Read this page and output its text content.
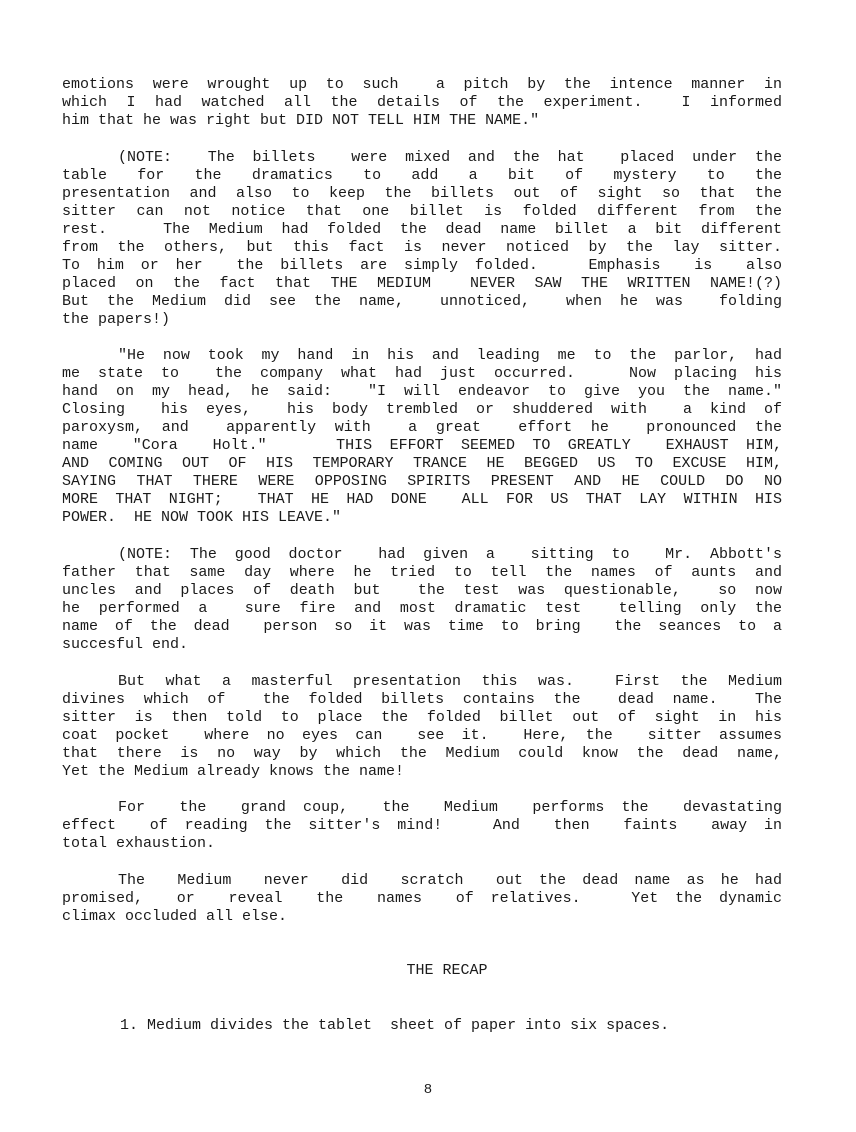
emotions were wrought up to such  a pitch by the intence manner in
which I had watched all the details of the experiment.  I informed
him that he was right but DID NOT TELL HIM THE NAME."
(NOTE:  The billets  were mixed and the hat  placed under the
table  for  the  dramatics  to  add  a  bit  of  mystery  to  the
presentation and also to keep the billets out of sight so that the
sitter can not notice that one billet is folded different from the
rest.   The Medium had folded the dead name billet a bit different
from the others, but this fact is never noticed by the lay sitter.
To him or her  the billets are simply folded.   Emphasis  is  also
placed on the fact that THE MEDIUM  NEVER SAW THE WRITTEN NAME!(?)
But the Medium did see the name,  unnoticed,  when he was  folding
the papers!)
"He now took my hand in his and leading me to the parlor, had
me state to  the company what had just occurred.   Now placing his
hand on my head, he said:  "I will endeavor to give you the name."
Closing  his eyes,  his body trembled or shuddered with  a kind of
paroxysm, and  apparently with  a great  effort he  pronounced the
name  "Cora  Holt."    THIS EFFORT SEEMED TO GREATLY  EXHAUST HIM,
AND COMING OUT OF HIS TEMPORARY TRANCE HE BEGGED US TO EXCUSE HIM,
SAYING THAT THERE WERE OPPOSING SPIRITS PRESENT AND HE COULD DO NO
MORE THAT NIGHT;  THAT HE HAD DONE  ALL FOR US THAT LAY WITHIN HIS
POWER.  HE NOW TOOK HIS LEAVE."
(NOTE: The good doctor  had given a  sitting to  Mr. Abbott's
father that same day where he tried to tell the names of aunts and
uncles and places of death but  the test was questionable,  so now
he performed a  sure fire and most dramatic test  telling only the
name of the dead  person so it was time to bring  the seances to a
succesful end.
But what a masterful presentation this was.  First the Medium
divines which of  the folded billets contains the  dead name.  The
sitter is then told to place the folded billet out of sight in his
coat pocket  where no eyes can  see it.  Here, the  sitter assumes
that there is no way by which the Medium could know the dead name,
Yet the Medium already knows the name!
For  the  grand coup,  the  Medium  performs the  devastating
effect  of reading the sitter's mind!   And  then  faints  away in
total exhaustion.
The  Medium  never  did  scratch  out the dead name as he had
promised,  or  reveal  the  names  of relatives.   Yet the dynamic
climax occluded all else.
THE RECAP
1. Medium divides the tablet  sheet of paper into six spaces.
8
